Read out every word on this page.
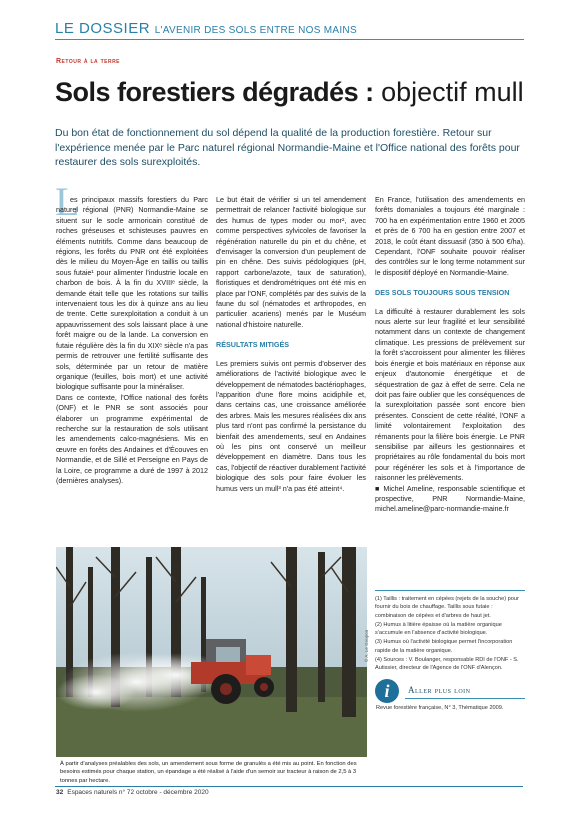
LE DOSSIER L'AVENIR DES SOLS ENTRE NOS MAINS
Retour à la terre
Sols forestiers dégradés : objectif mull
Du bon état de fonctionnement du sol dépend la qualité de la production forestière. Retour sur l'expérience menée par le Parc naturel régional Normandie-Maine et l'Office national des forêts pour restaurer des sols surexploités.
L

es principaux massifs forestiers du Parc naturel régional (PNR) Normandie-Maine se situent sur le socle armoricain constitué de roches gréseuses et schisteuses pauvres en éléments nutritifs. Comme dans beaucoup de régions, les forêts du PNR ont été exploitées dès le milieu du Moyen-Âge en taillis ou taillis sous futaie¹ pour alimenter l'industrie locale en charbon de bois. À la fin du XVIIIᵉ siècle, la demande était telle que les rotations sur taillis intervenaient tous les dix à quinze ans au lieu de trente. Cette surexploitation a conduit à un appauvrissement des sols laissant place à une forêt maigre ou de la lande. La conversion en futaie régulière dès la fin du XIXᵉ siècle n'a pas permis de retrouver une fertilité suffisante des sols, déterminée par un retour de matière organique (feuilles, bois mort) et une activité biologique suffisante pour la minéraliser.

Dans ce contexte, l'Office national des forêts (ONF) et le PNR se sont associés pour élaborer un programme expérimental de recherche sur la restauration de sols utilisant les amendements calco-magnésiens. Mis en œuvre en forêts des Andaines et d'Écouves en Normandie, et de Sillé et Perseigne en Pays de la Loire, ce programme a duré de 1997 à 2012 (dernières analyses).

Le but était de vérifier si un tel amendement permettrait de relancer l'activité biologique sur des humus de types moder ou mor², avec comme perspectives sylvicoles de favoriser la régénération naturelle du pin et du chêne, et d'envisager la conversion d'un peuplement de pin en chêne. Des suivis pédologiques (pH, rapport carbone/azote, taux de saturation), floristiques et dendrométriques ont été mis en place par l'ONF, complétés par des suivis de la faune du sol (nématodes et arthropodes, en particulier acariens) menés par le Muséum national d'histoire naturelle.

RÉSULTATS MITIGÉS

Les premiers suivis ont permis d'observer des améliorations de l'activité biologique avec le développement de nématodes bactériophages, l'apparition d'une flore moins acidiphile et, dans certains cas, une croissance améliorée des arbres. Mais les mesures réalisées dix ans plus tard n'ont pas confirmé la persistance du bienfait des amendements, seul en Andaines où les pins ont conservé un meilleur développement en diamètre. Dans tous les cas, l'objectif de réactiver durablement l'activité biologique des sols pour faire évoluer les humus vers un mull³ n'a pas été atteint⁴.

En France, l'utilisation des amendements en forêts domaniales a toujours été marginale : 700 ha en expérimentation entre 1960 et 2005 et près de 6 700 ha en gestion entre 2007 et 2018, le coût étant dissuasif (350 à 500 €/ha). Cependant, l'ONF souhaite pouvoir réaliser des contrôles sur le long terme notamment sur le dispositif déployé en Normandie-Maine.

DES SOLS TOUJOURS SOUS TENSION

La difficulté à restaurer durablement les sols nous alerte sur leur fragilité et leur sensibilité notamment dans un contexte de changement climatique. Les pressions de prélèvement sur la forêt s'accroissent pour alimenter les filières bois énergie et bois matériaux en réponse aux enjeux d'autonomie énergétique et de séquestration de gaz à effet de serre. Cela ne doit pas faire oublier que les conséquences de la surexploitation passée sont encore bien présentes. Conscient de cette réalité, l'ONF a limité volontairement l'exploitation des rémanents pour la filière bois énergie. Le PNR sensibilise par ailleurs les gestionnaires et propriétaires au rôle fondamental du bois mort pour régénérer les sols et à l'importance de raisonner les prélèvements.

■ Michel Ameline, responsable scientifique et prospective, PNR Normandie-Maine, michel.ameline@parc-normandie-maine.fr

(1) Taillis : traitement en cépées (rejets de la souche) pour fournir du bois de chauffage. Taillis sous futaie : combinaison de cépées et d'arbres de haut jet.

(2) Humus à litière épaisse où la matière organique s'accumule en l'absence d'activité biologique.

(3) Humus où l'activité biologique permet l'incorporation rapide de la matière organique.

(4) Sources : V. Boulanger, responsable RDI de l'ONF - S. Autissier, directeur de l'Agence de l'ONF d'Alençon.

i	Aller plus loin
Revue forestière française, N° 3, Thématique 2009.
© A. Le Goupon
À partir d'analyses préalables des sols, un amendement sous forme de granulés a été mis au point. En fonction des besoins estimés pour chaque station, un épandage a été réalisé à l'aide d'un semoir sur tracteur à raison de 2,5 à 3 tonnes par hectare.
32 Espaces naturels n° 72 octobre - décembre 2020
